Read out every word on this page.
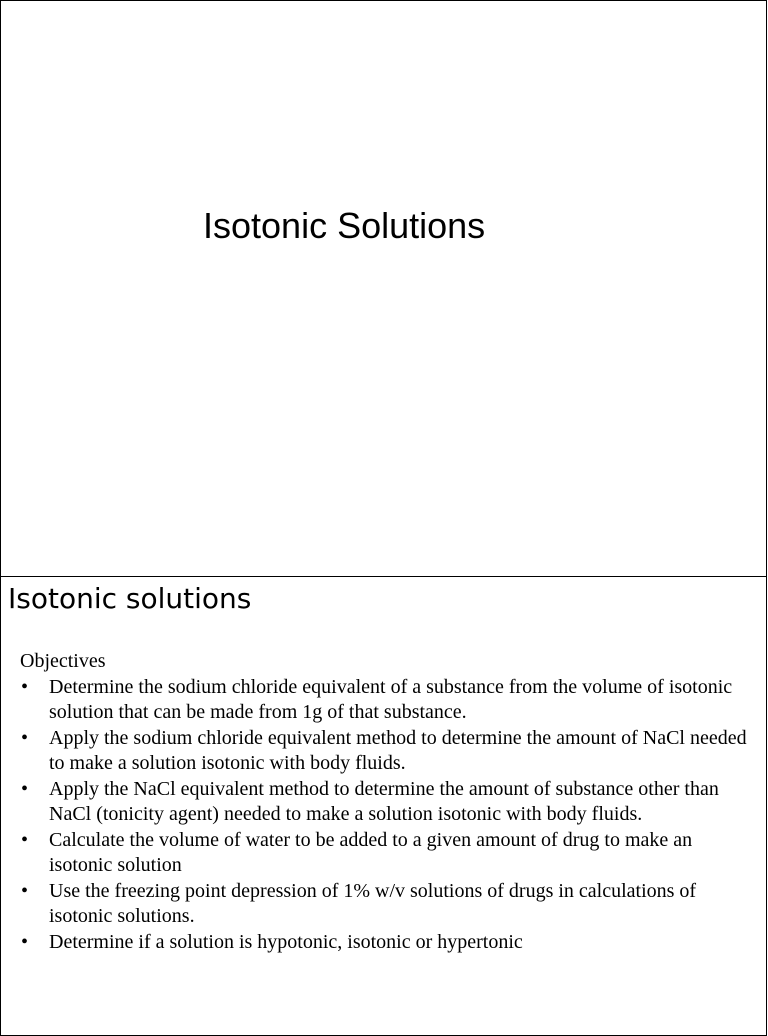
Isotonic Solutions
Isotonic solutions

Objectives

• Determine the sodium chloride equivalent of a substance from the volume of isotonic solution that can be made from 1g of that substance.
• Apply the sodium chloride equivalent method to determine the amount of NaCl needed to make a solution isotonic with body fluids.
• Apply the NaCl equivalent method to determine the amount of substance other than NaCl (tonicity agent) needed to make a solution isotonic with body fluids.
• Calculate the volume of water to be added to a given amount of drug to make an isotonic solution
• Use the freezing point depression of 1% w/v solutions of drugs in calculations of isotonic solutions.
• Determine if a solution is hypotonic, isotonic or hypertonic
